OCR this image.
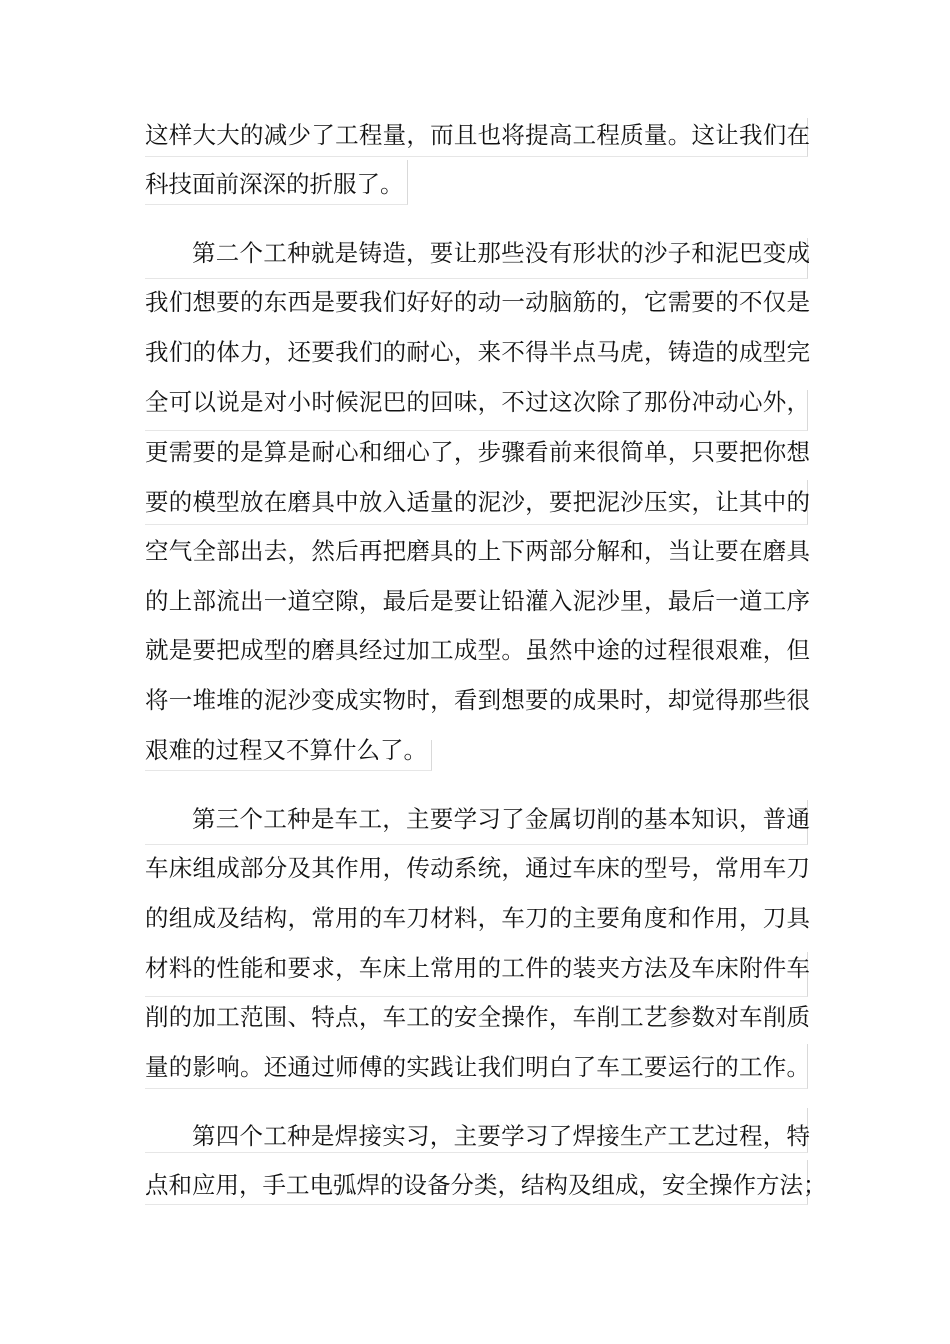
这样大大的减少了工程量，而且也将提高工程质量。这让我们在
科技面前深深的折服了。
第二个工种就是铸造，要让那些没有形状的沙子和泥巴变成
我们想要的东西是要我们好好的动一动脑筋的，它需要的不仅是
我们的体力，还要我们的耐心，来不得半点马虎，铸造的成型完
全可以说是对小时候泥巴的回味，不过这次除了那份冲动心外，
更需要的是算是耐心和细心了，步骤看前来很简单，只要把你想
要的模型放在磨具中放入适量的泥沙，要把泥沙压实，让其中的
空气全部出去，然后再把磨具的上下两部分解和，当让要在磨具
的上部流出一道空隙，最后是要让铅灌入泥沙里，最后一道工序
就是要把成型的磨具经过加工成型。虽然中途的过程很艰难，但
将一堆堆的泥沙变成实物时，看到想要的成果时，却觉得那些很
艰难的过程又不算什么了。
第三个工种是车工，主要学习了金属切削的基本知识，普通
车床组成部分及其作用，传动系统，通过车床的型号，常用车刀
的组成及结构，常用的车刀材料，车刀的主要角度和作用，刀具
材料的性能和要求，车床上常用的工件的装夹方法及车床附件车
削的加工范围、特点，车工的安全操作，车削工艺参数对车削质
量的影响。还通过师傅的实践让我们明白了车工要运行的工作。
第四个工种是焊接实习，主要学习了焊接生产工艺过程，特
点和应用，手工电弧焊的设备分类，结构及组成，安全操作方法；
